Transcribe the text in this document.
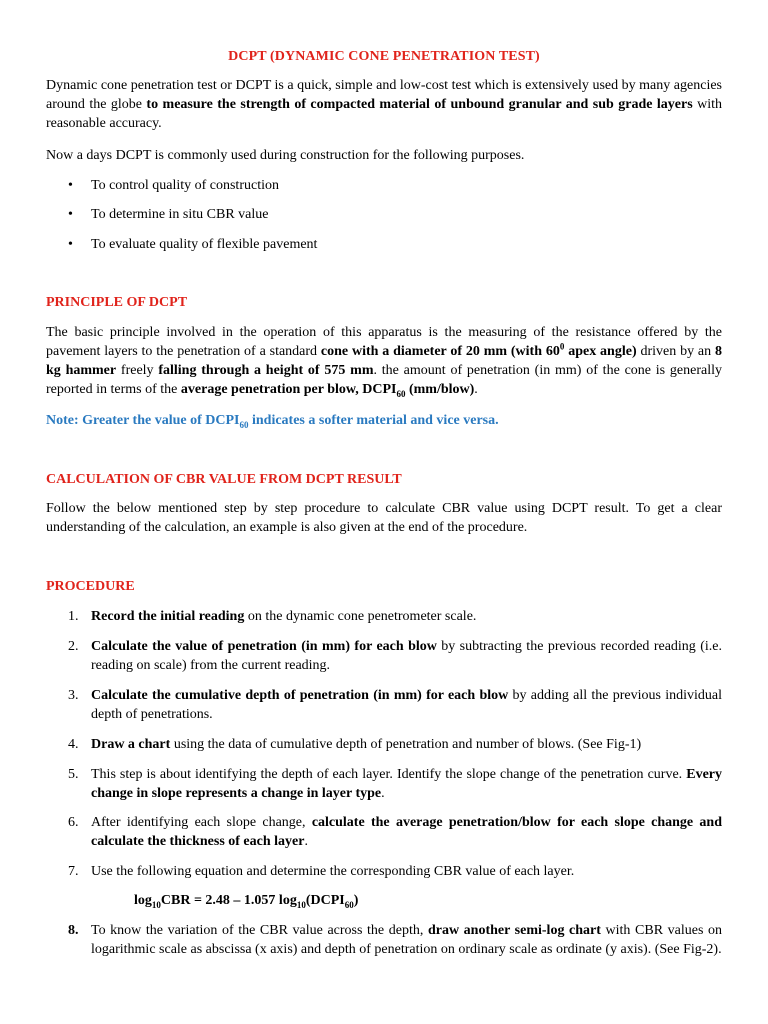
DCPT (DYNAMIC CONE PENETRATION TEST)
Dynamic cone penetration test or DCPT is a quick, simple and low-cost test which is extensively used by many agencies around the globe to measure the strength of compacted material of unbound granular and sub grade layers with reasonable accuracy.
Now a days DCPT is commonly used during construction for the following purposes.
• To control quality of construction
• To determine in situ CBR value
• To evaluate quality of flexible pavement
PRINCIPLE OF DCPT
The basic principle involved in the operation of this apparatus is the measuring of the resistance offered by the pavement layers to the penetration of a standard cone with a diameter of 20 mm (with $60^0$ apex angle) driven by an 8 kg hammer freely falling through a height of 575 mm. the amount of penetration (in mm) of the cone is generally reported in terms of the average penetration per blow, $DCPI_{60}$ (mm/blow).
Note: Greater the value of $DCPI_{60}$ indicates a softer material and vice versa.
CALCULATION OF CBR VALUE FROM DCPT RESULT
Follow the below mentioned step by step procedure to calculate CBR value using DCPT result. To get a clear understanding of the calculation, an example is also given at the end of the procedure.
PROCEDURE
1. Record the initial reading on the dynamic cone penetrometer scale.
2. Calculate the value of penetration (in mm) for each blow by subtracting the previous recorded reading (i.e. reading on scale) from the current reading.
3. Calculate the cumulative depth of penetration (in mm) for each blow by adding all the previous individual depth of penetrations.
4. Draw a chart using the data of cumulative depth of penetration and number of blows. (See Fig-1)
5. This step is about identifying the depth of each layer. Identify the slope change of the penetration curve. Every change in slope represents a change in layer type.
6. After identifying each slope change, calculate the average penetration/blow for each slope change and calculate the thickness of each layer.
7. Use the following equation and determine the corresponding CBR value of each layer.
$\log_{10}CBR = 2.48 - 1.057$ $\log_{10}(DCPI_{60})$
8. To know the variation of the CBR value across the depth, draw another semi-log chart with CBR values on logarithmic scale as abscissa (x axis) and depth of penetration on ordinary scale as ordinate (y axis). (See Fig-2).
